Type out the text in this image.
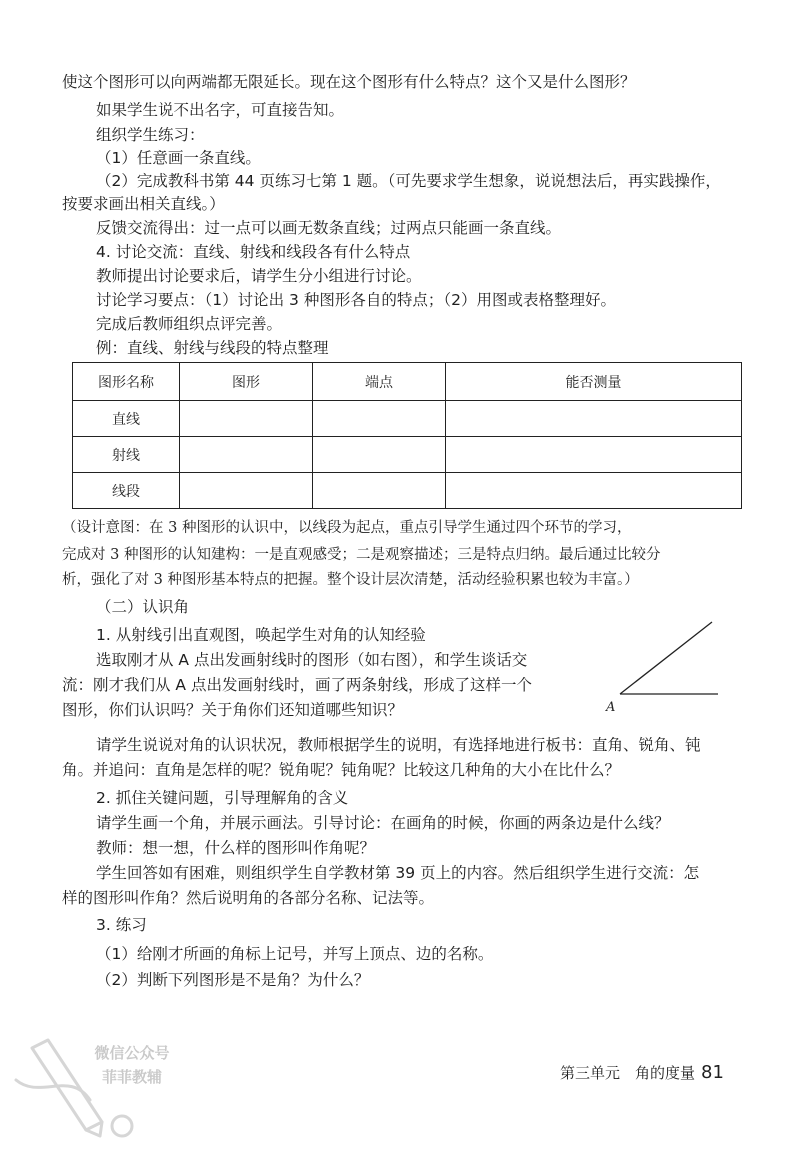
使这个图形可以向两端都无限延长。现在这个图形有什么特点？这个又是什么图形？
如果学生说不出名字，可直接告知。
组织学生练习：
（1）任意画一条直线。
（2）完成教科书第 44 页练习七第 1 题。（可先要求学生想象，说说想法后，再实践操作，
按要求画出相关直线。）
反馈交流得出：过一点可以画无数条直线；过两点只能画一条直线。
4. 讨论交流：直线、射线和线段各有什么特点
教师提出讨论要求后，请学生分小组进行讨论。
讨论学习要点：（1）讨论出 3 种图形各自的特点；（2）用图或表格整理好。
完成后教师组织点评完善。
例：直线、射线与线段的特点整理
图形名称	图形	端点	能否测量
直线			
射线			
线段			
（设计意图：在 3 种图形的认识中，以线段为起点，重点引导学生通过四个环节的学习，
完成对 3 种图形的认知建构：一是直观感受；二是观察描述；三是特点归纳。最后通过比较分
析，强化了对 3 种图形基本特点的把握。整个设计层次清楚，活动经验积累也较为丰富。）
（二）认识角
1. 从射线引出直观图，唤起学生对角的认知经验
选取刚才从 A 点出发画射线时的图形（如右图），和学生谈话交
流：刚才我们从 A 点出发画射线时，画了两条射线，形成了这样一个
图形，你们认识吗？关于角你们还知道哪些知识？	A
请学生说说对角的认识状况，教师根据学生的说明，有选择地进行板书：直角、锐角、钝
角。并追问：直角是怎样的呢？锐角呢？钝角呢？比较这几种角的大小在比什么？
2. 抓住关键问题，引导理解角的含义
请学生画一个角，并展示画法。引导讨论：在画角的时候，你画的两条边是什么线？
教师：想一想，什么样的图形叫作角呢？
学生回答如有困难，则组织学生自学教材第 39 页上的内容。然后组织学生进行交流：怎
样的图形叫作角？然后说明角的各部分名称、记法等。
3. 练习
（1）给刚才所画的角标上记号，并写上顶点、边的名称。
（2）判断下列图形是不是角？为什么？
微信公众号
菲菲教辅	第三单元　角的度量 81
